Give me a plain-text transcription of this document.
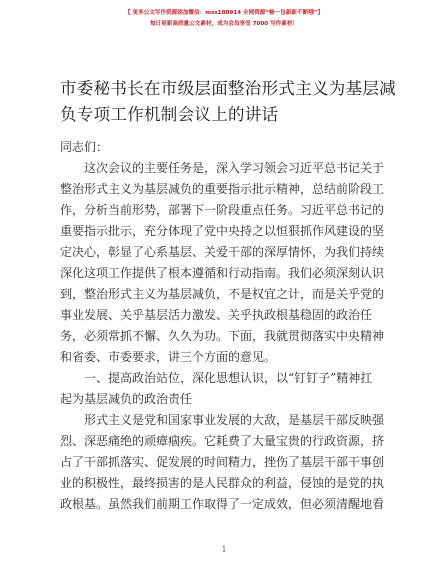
【 更多公文写作资源添加微信：mss180914 全网资源“畅一包新新不断哦”】
每日更新高质量公文素材，成为会员享受 7000 写作素材！
市委秘书长在市级层面整治形式主义为基层减
负专项工作机制会议上的讲话
同志们：
　　这次会议的主要任务是，深入学习领会习近平总书记关于
整治形式主义为基层减负的重要指示批示精神，总结前阶段工
作，分析当前形势，部署下一阶段重点任务。习近平总书记的
重要指示批示，充分体现了党中央持之以恒狠抓作风建设的坚
定决心，彰显了心系基层、关爱干部的深厚情怀，为我们持续
深化这项工作提供了根本遵循和行动指南。我们必须深刻认识
到，整治形式主义为基层减负，不是权宜之计，而是关乎党的
事业发展、关乎基层活力激发、关乎执政根基稳固的政治任
务，必须常抓不懈、久久为功。下面，我就贯彻落实中央精神
和省委、市委要求，讲三个方面的意见。
　　一、提高政治站位，深化思想认识，以“钉钉子”精神扛
起为基层减负的政治责任
　　形式主义是党和国家事业发展的大敌，是基层干部反映强
烈、深恶痛绝的顽瘴痼疾。它耗费了大量宝贵的行政资源，挤
占了干部抓落实、促发展的时间精力，挫伤了基层干部干事创
业的积极性，最终损害的是人民群众的利益，侵蚀的是党的执
政根基。虽然我们前期工作取得了一定成效，但必须清醒地看
1
